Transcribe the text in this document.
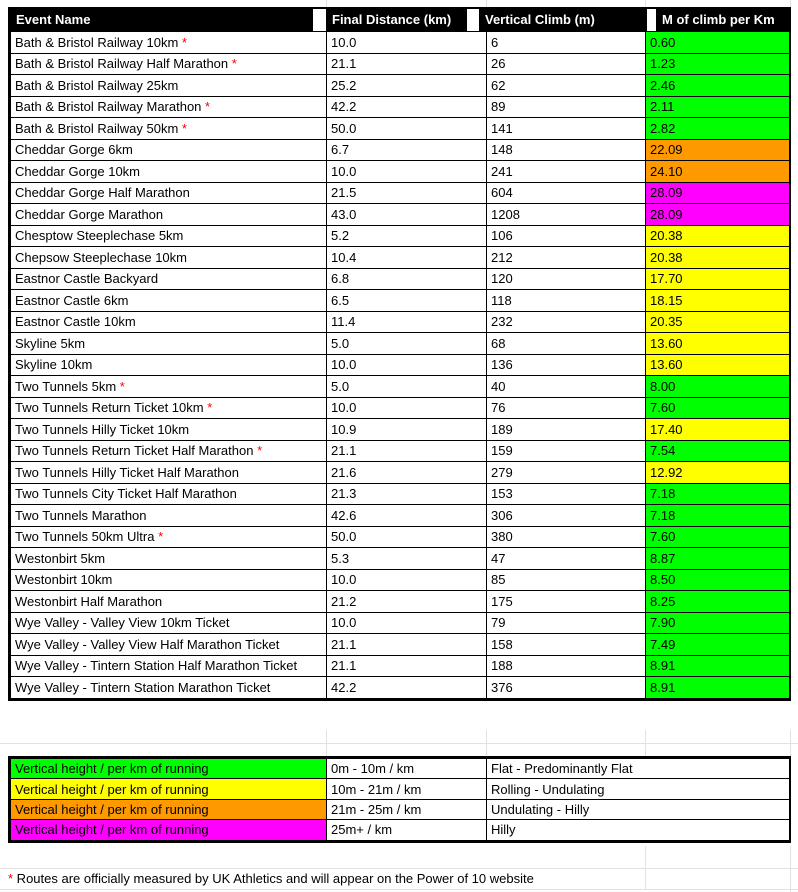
Event Name	Final Distance (km)	Vertical Climb (m)	M of climb per Km
Bath & Bristol Railway 10km *	10.0	6	0.60
Bath & Bristol Railway Half Marathon *	21.1	26	1.23
Bath & Bristol Railway 25km	25.2	62	2.46
Bath & Bristol Railway Marathon *	42.2	89	2.11
Bath & Bristol Railway 50km *	50.0	141	2.82
Cheddar Gorge 6km	6.7	148	22.09
Cheddar Gorge 10km	10.0	241	24.10
Cheddar Gorge Half Marathon	21.5	604	28.09
Cheddar Gorge Marathon	43.0	1208	28.09
Chesptow Steeplechase 5km	5.2	106	20.38
Chepsow Steeplechase 10km	10.4	212	20.38
Eastnor Castle Backyard	6.8	120	17.70
Eastnor Castle 6km	6.5	118	18.15
Eastnor Castle 10km	11.4	232	20.35
Skyline 5km	5.0	68	13.60
Skyline 10km	10.0	136	13.60
Two Tunnels 5km *	5.0	40	8.00
Two Tunnels Return Ticket 10km *	10.0	76	7.60
Two Tunnels Hilly Ticket 10km	10.9	189	17.40
Two Tunnels Return Ticket Half Marathon *	21.1	159	7.54
Two Tunnels Hilly Ticket Half Marathon	21.6	279	12.92
Two Tunnels City Ticket Half Marathon	21.3	153	7.18
Two Tunnels Marathon	42.6	306	7.18
Two Tunnels 50km Ultra *	50.0	380	7.60
Westonbirt 5km	5.3	47	8.87
Westonbirt 10km	10.0	85	8.50
Westonbirt Half Marathon	21.2	175	8.25
Wye Valley - Valley View 10km Ticket	10.0	79	7.90
Wye Valley - Valley View Half Marathon Ticket	21.1	158	7.49
Wye Valley - Tintern Station Half Marathon Ticket	21.1	188	8.91
Wye Valley - Tintern Station Marathon Ticket	42.2	376	8.91
Vertical height / per km of running	0m - 10m / km	Flat - Predominantly Flat
Vertical height / per km of running	10m - 21m / km	Rolling - Undulating
Vertical height / per km of running	21m - 25m / km	Undulating - Hilly
Vertical height / per km of running	25m+ / km	Hilly
* Routes are officially measured by UK Athletics and will appear on the Power of 10 website
